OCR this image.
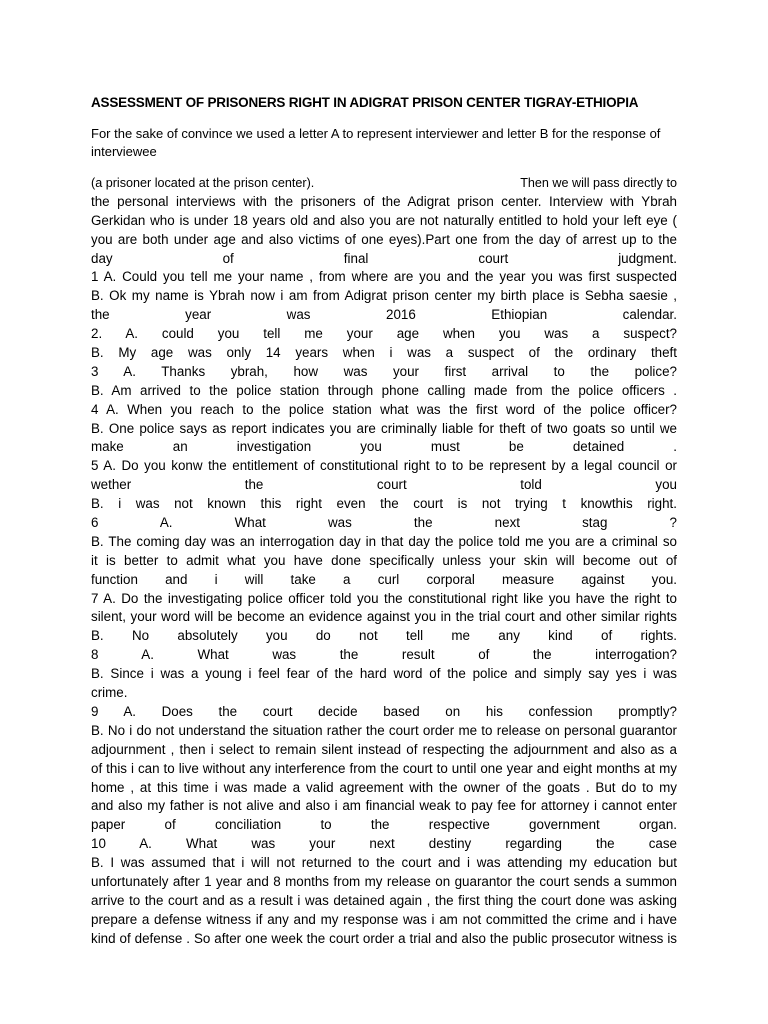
ASSESSMENT OF PRISONERS RIGHT IN ADIGRAT PRISON CENTER TIGRAY-ETHIOPIA
For the sake of convince we used a letter A to represent interviewer and letter B for the response of interviewee
(a prisoner located at the prison center).	Then we will pass directly to
the personal interviews with the prisoners of the Adigrat prison center. Interview with Ybrah
Gerkidan who is under 18 years old and also you are not naturally entitled to hold your left eye (
you are both under age and also victims of one eyes).Part one from the day of arrest up to the
day of final court judgment.
1 A. Could you tell me your name , from where are you and the year you was first suspected
B. Ok my name is Ybrah now i am from Adigrat prison center my birth place is Sebha saesie ,
the year was 2016 Ethiopian calendar.
2. A. could you tell me your age when you was a suspect?
B. My age was only 14 years when i was a suspect of the ordinary theft
3 A. Thanks ybrah, how was your first arrival to the police?
B. Am arrived to the police station through phone calling made from the police officers .
4 A. When you reach to the police station what was the first word of the police officer?
B. One police says as report indicates you are criminally liable for theft of two goats so until we
make an investigation you must be detained .
5 A. Do you konw the entitlement of constitutional right to to be represent by a legal council or
wether the court told you
B. i was not known this right even the court is not trying t knowthis right.
6 A. What was the next stag ?
B. The coming day was an interrogation day in that day the police told me you are a criminal so
it is better to admit what you have done specifically unless your skin will become out of
function and i will take a curl corporal measure against you.
7 A. Do the investigating police officer told you the constitutional right like you have the right to
silent, your word will be become an evidence against you in the trial court and other similar rights
B. No absolutely you do not tell me any kind of rights.
8 A. What was the result of the interrogation?
B. Since i was a young i feel fear of the hard word of the police and simply say yes i was
crime.
9 A. Does the court decide based on his confession promptly?
B. No i do not understand the situation rather the court order me to release on personal guarantor
adjournment , then i select to remain silent instead of respecting the adjournment and also as a
of this i can to live without any interference from the court to until one year and eight months at my
home , at this time i was made a valid agreement with the owner of the goats . But do to my
and also my father is not alive and also i am financial weak to pay fee for attorney i cannot enter
paper of conciliation to the respective government organ.
10 A. What was your next destiny regarding the case
B. I was assumed that i will not returned to the court and i was attending my education but
unfortunately after 1 year and 8 months from my release on guarantor the court sends a summon
arrive to the court and as a result i was detained again , the first thing the court done was asking
prepare a defense witness if any and my response was i am not committed the crime and i have
kind of defense . So after one week the court order a trial and also the public prosecutor witness is
